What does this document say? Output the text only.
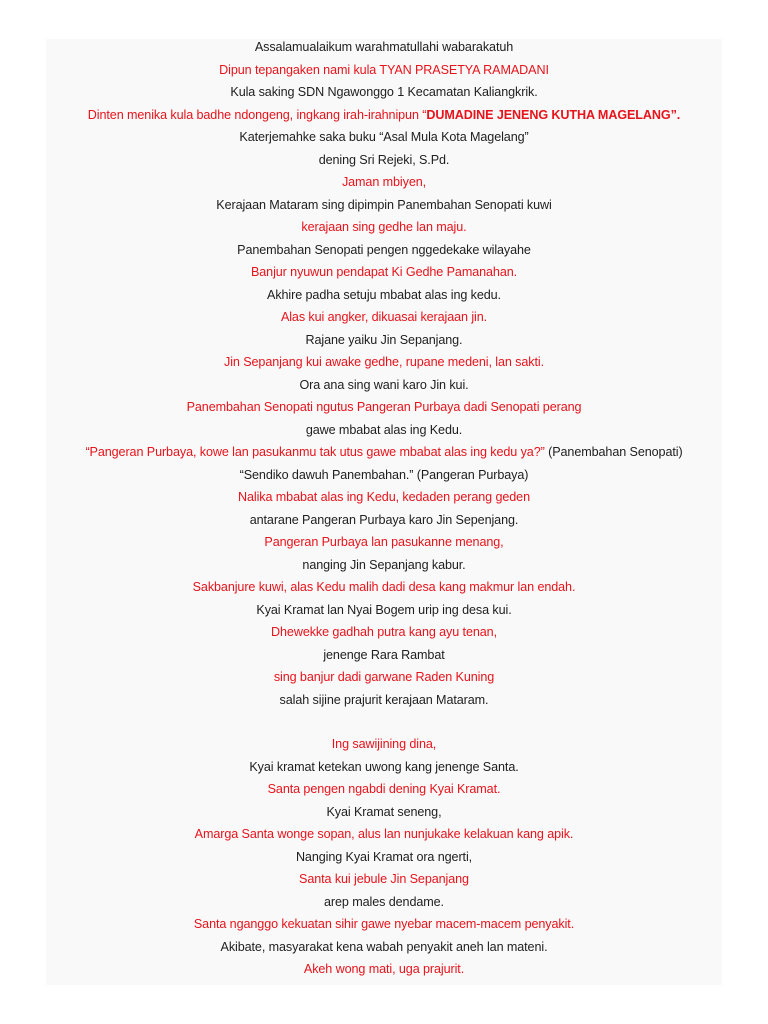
Assalamualaikum warahmatullahi wabarakatuh
Dipun tepangaken nami kula TYAN PRASETYA RAMADANI
Kula saking SDN Ngawonggo 1 Kecamatan Kaliangkrik.
Dinten menika kula badhe ndongeng, ingkang irah-irahnipun “DUMADINE JENENG KUTHA MAGELANG”.
Katerjemahke saka buku “Asal Mula Kota Magelang”
dening Sri Rejeki, S.Pd.
Jaman mbiyen,
Kerajaan Mataram sing dipimpin Panembahan Senopati kuwi
kerajaan sing gedhe lan maju.
Panembahan Senopati pengen nggedekake wilayahe
Banjur nyuwun pendapat Ki Gedhe Pamanahan.
Akhire padha setuju mbabat alas ing kedu.
Alas kui angker, dikuasai kerajaan jin.
Rajane yaiku Jin Sepanjang.
Jin Sepanjang kui awake gedhe, rupane medeni, lan sakti.
Ora ana sing wani karo Jin kui.
Panembahan Senopati ngutus Pangeran Purbaya dadi Senopati perang
gawe mbabat alas ing Kedu.
“Pangeran Purbaya, kowe lan pasukanmu tak utus gawe mbabat alas ing kedu ya?” (Panembahan Senopati)
“Sendiko dawuh Panembahan.” (Pangeran Purbaya)
Nalika mbabat alas ing Kedu, kedaden perang geden
antarane Pangeran Purbaya karo Jin Sepenjang.
Pangeran Purbaya lan pasukanne menang,
nanging Jin Sepanjang kabur.
Sakbanjure kuwi, alas Kedu malih dadi desa kang makmur lan endah.
Kyai Kramat lan Nyai Bogem urip ing desa kui.
Dhewekke gadhah putra kang ayu tenan,
jenenge Rara Rambat
sing banjur dadi garwane Raden Kuning
salah sijine prajurit kerajaan Mataram.
Ing sawijining dina,
Kyai kramat ketekan uwong kang jenenge Santa.
Santa pengen ngabdi dening Kyai Kramat.
Kyai Kramat seneng,
Amarga Santa wonge sopan, alus lan nunjukake kelakuan kang apik.
Nanging Kyai Kramat ora ngerti,
Santa kui jebule Jin Sepanjang
arep males dendame.
Santa nganggo kekuatan sihir gawe nyebar macem-macem penyakit.
Akibate, masyarakat kena wabah penyakit aneh lan mateni.
Akeh wong mati, uga prajurit.
